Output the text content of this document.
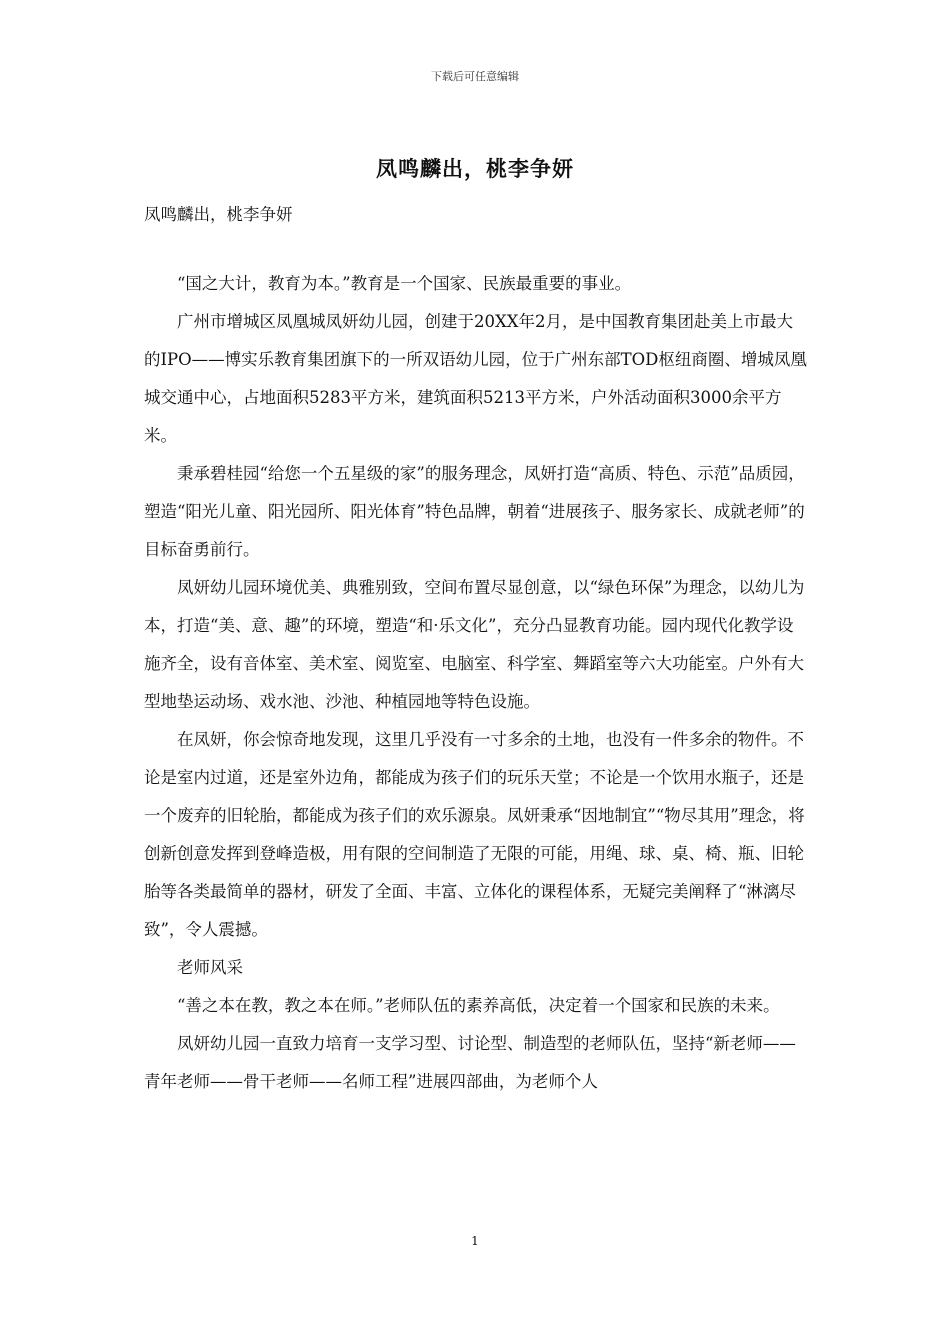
下载后可任意编辑
凤鸣麟出，桃李争妍
凤鸣麟出，桃李争妍

“国之大计，教育为本。”教育是一个国家、民族最重要的事业。

广州市增城区凤凰城凤妍幼儿园，创建于20XX年2月，是中国教育集团赴美上市最大的IPO——博实乐教育集团旗下的一所双语幼儿园，位于广州东部TOD枢纽商圈、增城凤凰城交通中心，占地面积5283平方米，建筑面积5213平方米，户外活动面积3000余平方米。

秉承碧桂园“给您一个五星级的家”的服务理念，凤妍打造“高质、特色、示范”品质园，塑造“阳光儿童、阳光园所、阳光体育”特色品牌，朝着“进展孩子、服务家长、成就老师”的目标奋勇前行。

凤妍幼儿园环境优美、典雅别致，空间布置尽显创意，以“绿色环保”为理念，以幼儿为本，打造“美、意、趣”的环境，塑造“和·乐文化”，充分凸显教育功能。园内现代化教学设施齐全，设有音体室、美术室、阅览室、电脑室、科学室、舞蹈室等六大功能室。户外有大型地垫运动场、戏水池、沙池、种植园地等特色设施。

在凤妍，你会惊奇地发现，这里几乎没有一寸多余的土地，也没有一件多余的物件。不论是室内过道，还是室外边角，都能成为孩子们的玩乐天堂；不论是一个饮用水瓶子，还是一个废弃的旧轮胎，都能成为孩子们的欢乐源泉。凤妍秉承“因地制宜”“物尽其用”理念，将创新创意发挥到登峰造极，用有限的空间制造了无限的可能，用绳、球、桌、椅、瓶、旧轮胎等各类最简单的器材，研发了全面、丰富、立体化的课程体系，无疑完美阐释了“淋漓尽致”，令人震撼。

老师风采

“善之本在教，教之本在师。”老师队伍的素养高低，决定着一个国家和民族的未来。

凤妍幼儿园一直致力培育一支学习型、讨论型、制造型的老师队伍，坚持“新老师——青年老师——骨干老师——名师工程”进展四部曲，为老师个人

1
